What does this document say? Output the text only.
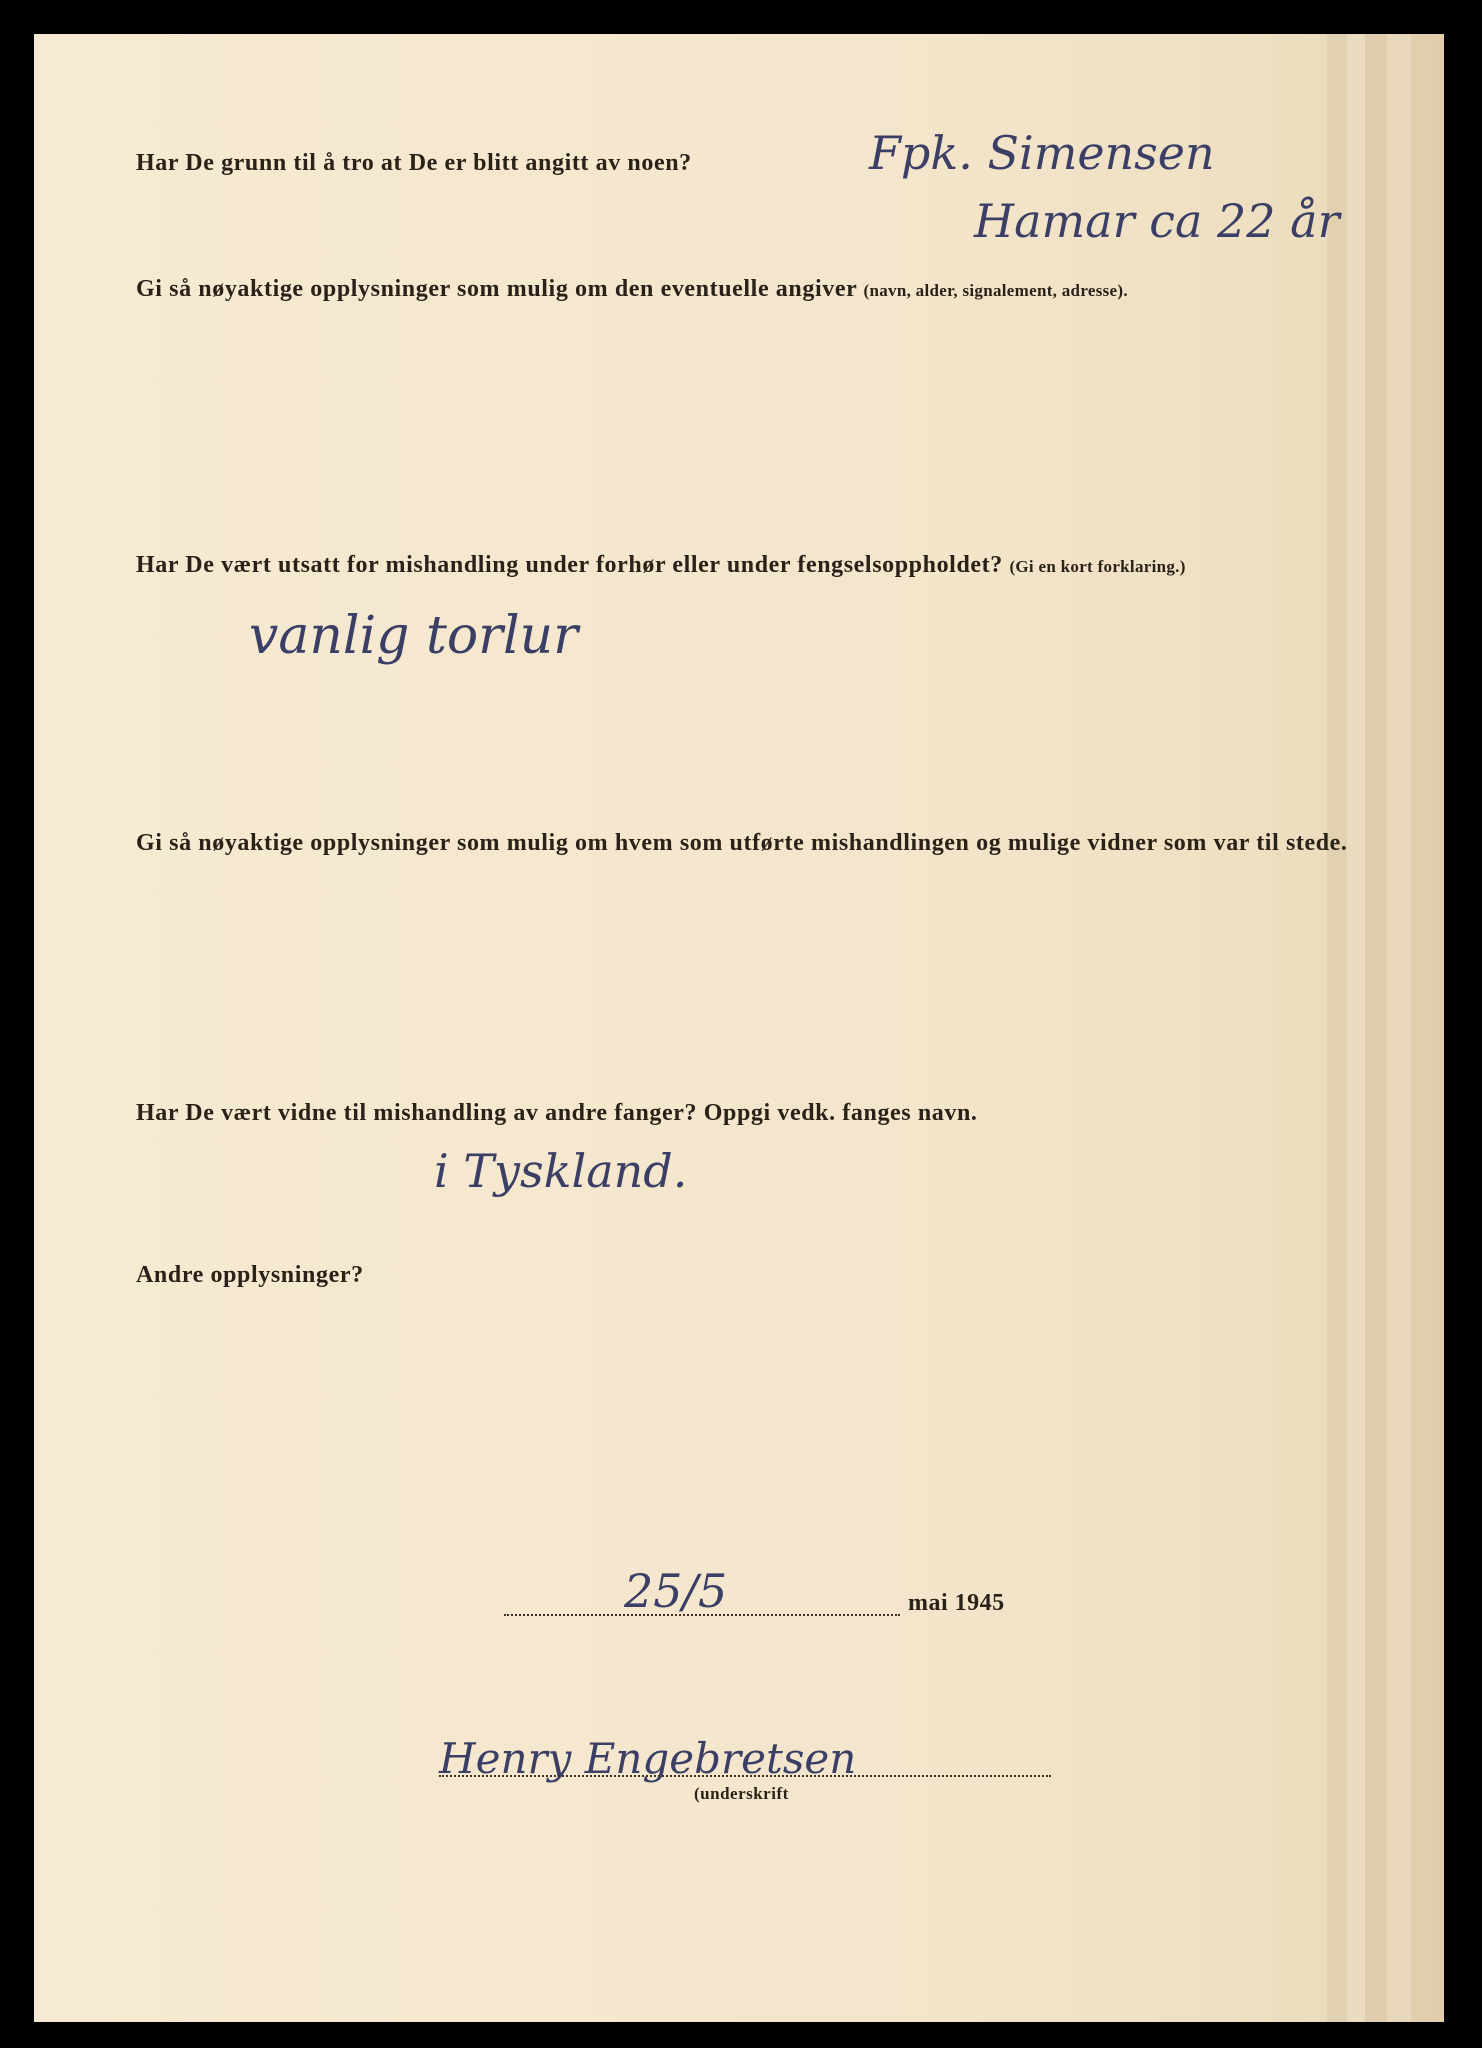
Har De grunn til å tro at De er blitt angitt av noen?	Fpk. Simensen
Hamar ca 22 år
Gi så nøyaktige opplysninger som mulig om den eventuelle angiver (navn, alder, signalement, adresse).
Har De vært utsatt for mishandling under forhør eller under fengselsoppholdet? (Gi en kort forklaring.)
vanlig torlur
Gi så nøyaktige opplysninger som mulig om hvem som utførte mishandlingen og mulige vidner som var til stede.
Har De vært vidne til mishandling av andre fanger? Oppgi vedk. fanges navn.
i Tyskland.
Andre opplysninger?
25/5	mai 1945
Henry Engebretsen
(underskrift
